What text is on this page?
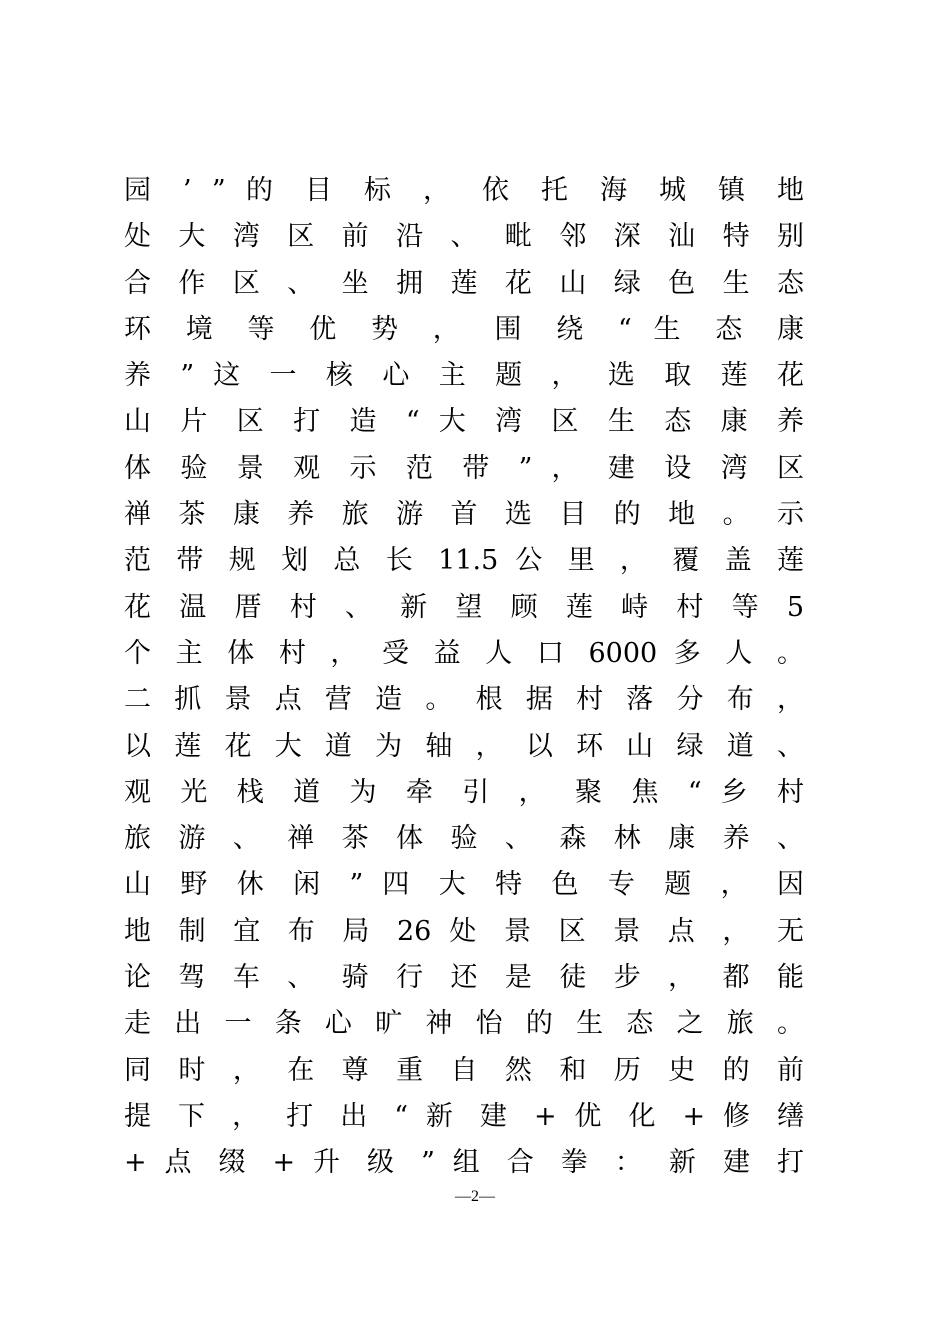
园 ’ ” 的 目 标 ， 依 托 海 城 镇 地
处 大 湾 区 前 沿 、 毗 邻 深 汕 特 别
合 作 区 、 坐 拥 莲 花 山 绿 色 生 态
环 境 等 优 势 ， 围 绕 “ 生 态 康
养 ” 这 一 核 心 主 题 ， 选 取 莲 花
山 片 区 打 造 “ 大 湾 区 生 态 康 养
体 验 景 观 示 范 带 ” ， 建 设 湾 区
禅 茶 康 养 旅 游 首 选 目 的 地 。 示
范 带 规 划 总 长 11.5 公 里 ， 覆 盖 莲
花 温 厝 村 、 新 望 顾 莲 峙 村 等 5
个 主 体 村 ， 受 益 人 口 6000 多 人 。
二 抓 景 点 营 造 。 根 据 村 落 分 布 ，
以 莲 花 大 道 为 轴 ， 以 环 山 绿 道 、
观 光 栈 道 为 牵 引 ， 聚 焦 “ 乡 村
旅 游 、 禅 茶 体 验 、 森 林 康 养 、
山 野 休 闲 ” 四 大 特 色 专 题 ， 因
地 制 宜 布 局 26 处 景 区 景 点 ， 无
论 驾 车 、 骑 行 还 是 徒 步 ， 都 能
走 出 一 条 心 旷 神 怡 的 生 态 之 旅 。
同 时 ， 在 尊 重 自 然 和 历 史 的 前
提 下 ， 打 出 “ 新 建 + 优 化 + 修 缮
+ 点 缀 + 升 级 ” 组 合 拳 ： 新 建 打
—2—
